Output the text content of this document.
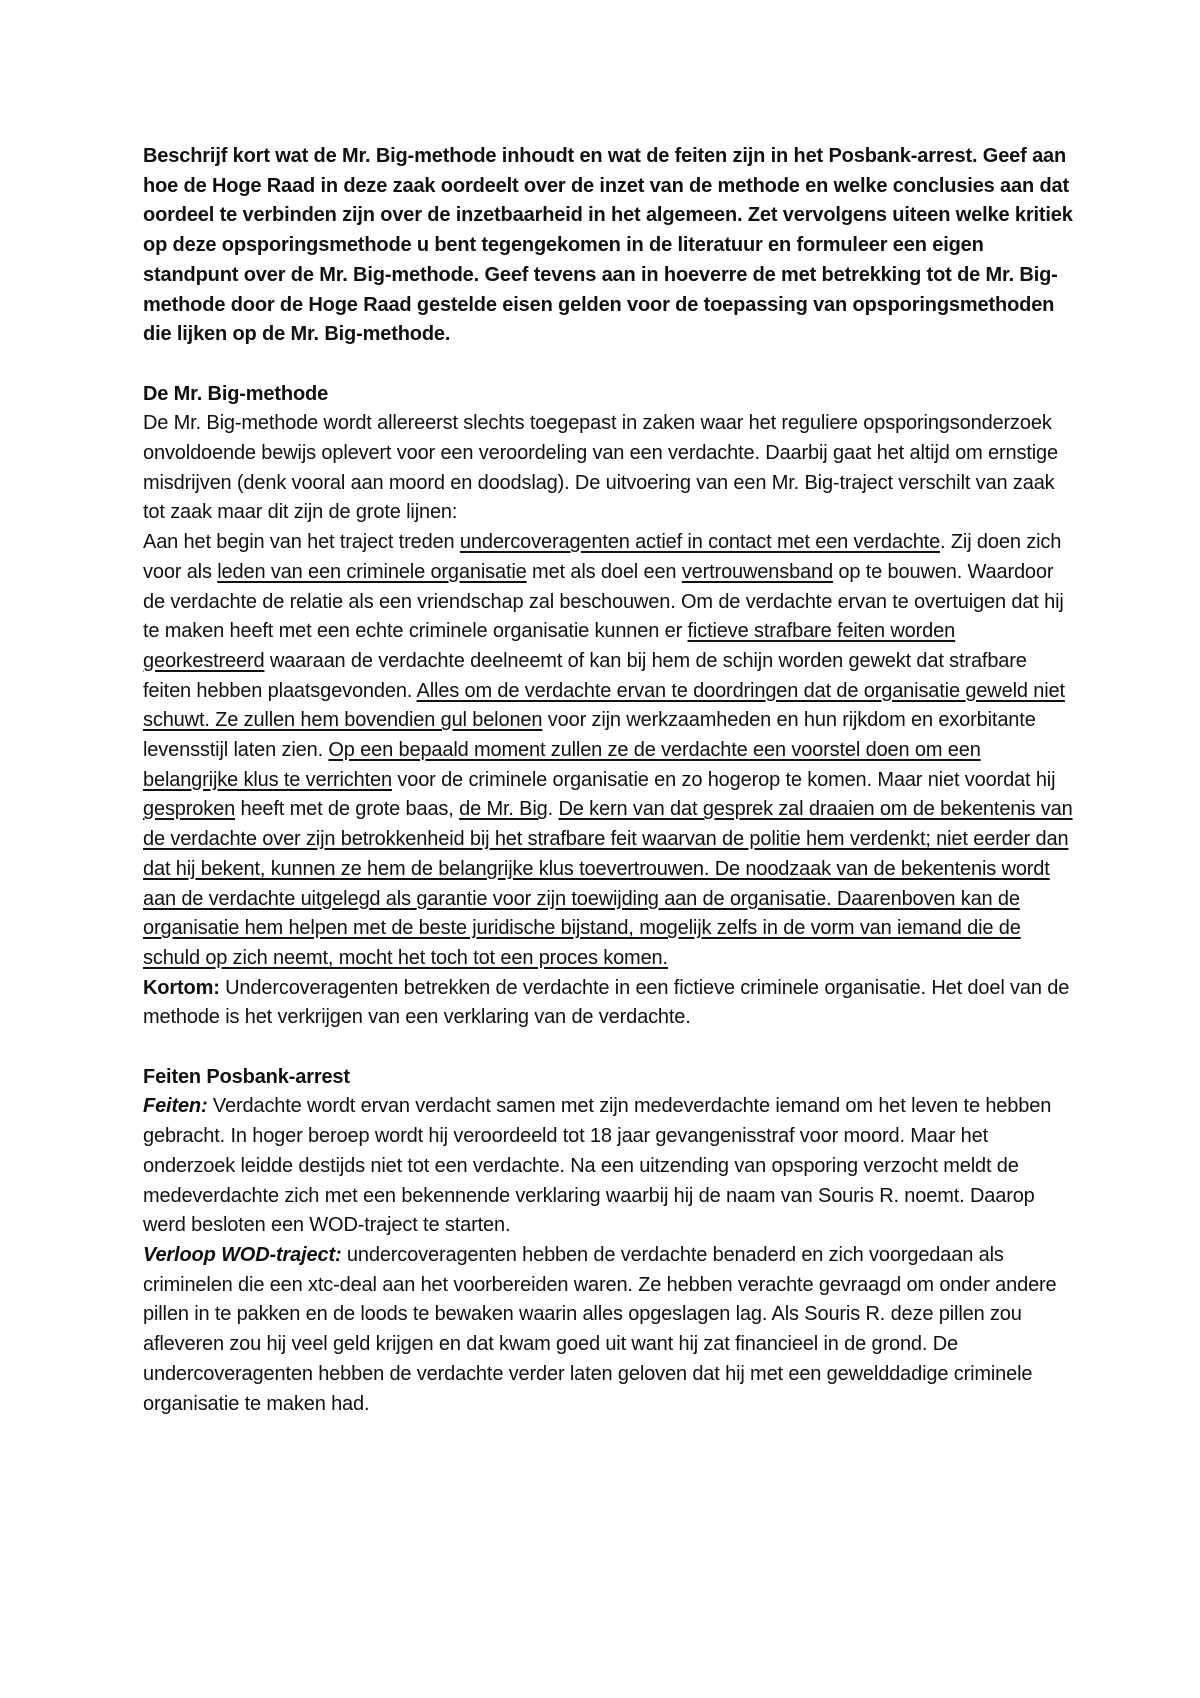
Beschrijf kort wat de Mr. Big-methode inhoudt en wat de feiten zijn in het Posbank-arrest. Geef aan hoe de Hoge Raad in deze zaak oordeelt over de inzet van de methode en welke conclusies aan dat oordeel te verbinden zijn over de inzetbaarheid in het algemeen. Zet vervolgens uiteen welke kritiek op deze opsporingsmethode u bent tegengekomen in de literatuur en formuleer een eigen standpunt over de Mr. Big-methode. Geef tevens aan in hoeverre de met betrekking tot de Mr. Big-methode door de Hoge Raad gestelde eisen gelden voor de toepassing van opsporingsmethoden die lijken op de Mr. Big-methode.

De Mr. Big-methode

De Mr. Big-methode wordt allereerst slechts toegepast in zaken waar het reguliere opsporingsonderzoek onvoldoende bewijs oplevert voor een veroordeling van een verdachte. Daarbij gaat het altijd om ernstige misdrijven (denk vooral aan moord en doodslag). De uitvoering van een Mr. Big-traject verschilt van zaak tot zaak maar dit zijn de grote lijnen:

Aan het begin van het traject treden undercoveragenten actief in contact met een verdachte. Zij doen zich voor als leden van een criminele organisatie met als doel een vertrouwensband op te bouwen. Waardoor de verdachte de relatie als een vriendschap zal beschouwen. Om de verdachte ervan te overtuigen dat hij te maken heeft met een echte criminele organisatie kunnen er fictieve strafbare feiten worden georkestreerd waaraan de verdachte deelneemt of kan bij hem de schijn worden gewekt dat strafbare feiten hebben plaatsgevonden. Alles om de verdachte ervan te doordringen dat de organisatie geweld niet schuwt. Ze zullen hem bovendien gul belonen voor zijn werkzaamheden en hun rijkdom en exorbitante levensstijl laten zien. Op een bepaald moment zullen ze de verdachte een voorstel doen om een belangrijke klus te verrichten voor de criminele organisatie en zo hogerop te komen. Maar niet voordat hij gesproken heeft met de grote baas, de Mr. Big. De kern van dat gesprek zal draaien om de bekentenis van de verdachte over zijn betrokkenheid bij het strafbare feit waarvan de politie hem verdenkt; niet eerder dan dat hij bekent, kunnen ze hem de belangrijke klus toevertrouwen. De noodzaak van de bekentenis wordt aan de verdachte uitgelegd als garantie voor zijn toewijding aan de organisatie. Daarenboven kan de organisatie hem helpen met de beste juridische bijstand, mogelijk zelfs in de vorm van iemand die de schuld op zich neemt, mocht het toch tot een proces komen.

Kortom: Undercoveragenten betrekken de verdachte in een fictieve criminele organisatie. Het doel van de methode is het verkrijgen van een verklaring van de verdachte.

Feiten Posbank-arrest

Feiten: Verdachte wordt ervan verdacht samen met zijn medeverdachte iemand om het leven te hebben gebracht. In hoger beroep wordt hij veroordeeld tot 18 jaar gevangenisstraf voor moord. Maar het onderzoek leidde destijds niet tot een verdachte. Na een uitzending van opsporing verzocht meldt de medeverdachte zich met een bekennende verklaring waarbij hij de naam van Souris R. noemt. Daarop werd besloten een WOD-traject te starten.

Verloop WOD-traject: undercoveragenten hebben de verdachte benaderd en zich voorgedaan als criminelen die een xtc-deal aan het voorbereiden waren. Ze hebben verachte gevraagd om onder andere pillen in te pakken en de loods te bewaken waarin alles opgeslagen lag. Als Souris R. deze pillen zou afleveren zou hij veel geld krijgen en dat kwam goed uit want hij zat financieel in de grond. De undercoveragenten hebben de verdachte verder laten geloven dat hij met een gewelddadige criminele organisatie te maken had.
